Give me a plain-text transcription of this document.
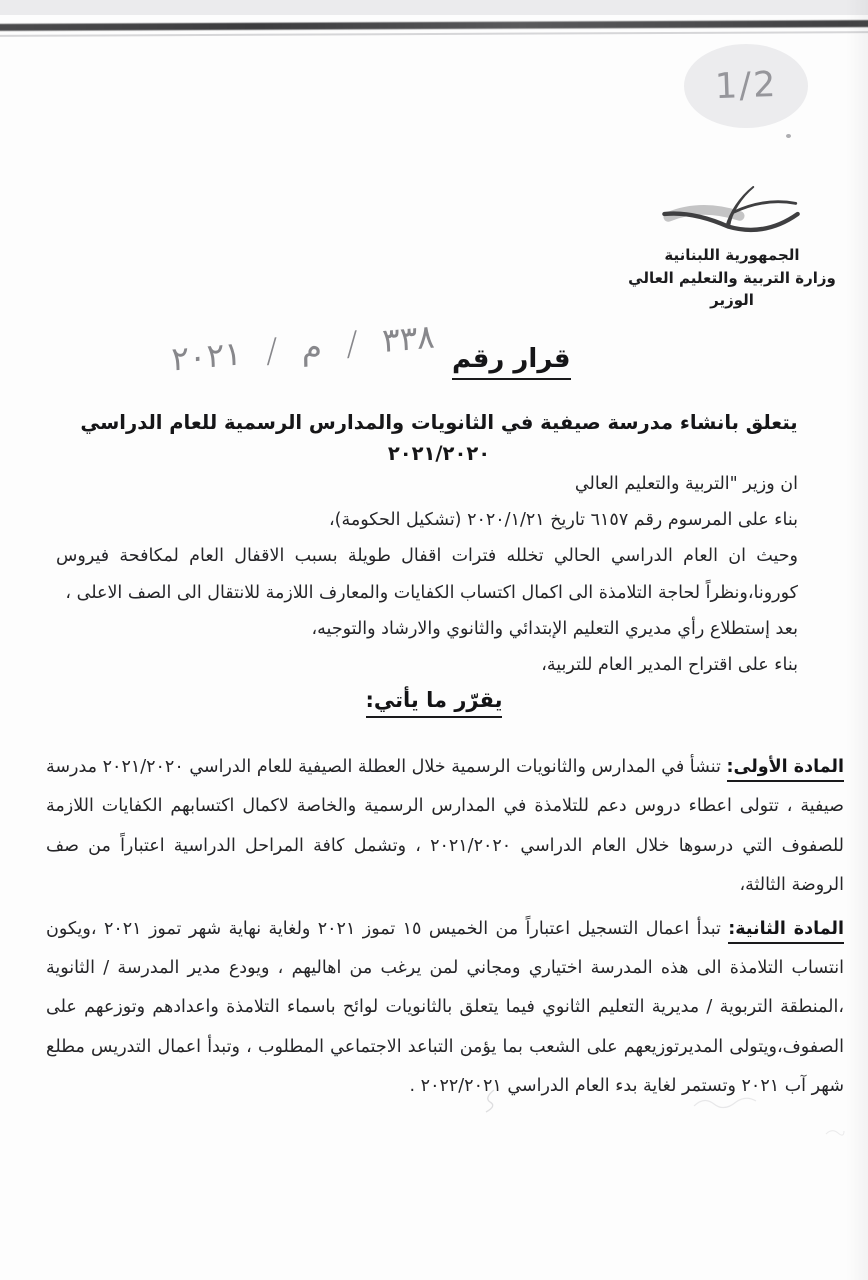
1/2
الجمهورية اللبنانية
وزارة التربية والتعليم العالي
الوزير
قرار رقم
٣٣٨ / م / ٢٠٢١
يتعلق بانشاء مدرسة صيفية في الثانويات والمدارس الرسمية للعام الدراسي ٢٠٢١/٢٠٢٠

ان وزير "التربية والتعليم العالي

بناء على المرسوم رقم ٦١٥٧ تاريخ ٢٠٢٠/١/٢١ (تشكيل الحكومة)،

وحيث ان العام الدراسي الحالي تخلله فترات اقفال طويلة بسبب الاقفال العام لمكافحة فيروس كورونا،ونظراً لحاجة التلامذة الى اكمال اكتساب الكفايات والمعارف اللازمة للانتقال الى الصف الاعلى ،

بعد إستطلاع رأي مديري التعليم الإبتدائي والثانوي والارشاد والتوجيه،

بناء على اقتراح المدير العام للتربية،

يقرّر ما يأتي:

المادة الأولى: تنشأ في المدارس والثانويات الرسمية خلال العطلة الصيفية للعام الدراسي ٢٠٢١/٢٠٢٠ مدرسة صيفية ، تتولى اعطاء دروس دعم للتلامذة في المدارس الرسمية والخاصة لاكمال اكتسابهم الكفايات اللازمة للصفوف التي درسوها خلال العام الدراسي ٢٠٢١/٢٠٢٠ ، وتشمل كافة المراحل الدراسية اعتباراً من صف الروضة الثالثة،

المادة الثانية: تبدأ اعمال التسجيل اعتباراً من الخميس ١٥ تموز ٢٠٢١ ولغاية نهاية شهر تموز ٢٠٢١ ،ويكون انتساب التلامذة الى هذه المدرسة اختياري ومجاني لمن يرغب من اهاليهم ، ويودع مدير المدرسة / الثانوية ،المنطقة التربوية / مديرية التعليم الثانوي فيما يتعلق بالثانويات لوائح باسماء التلامذة واعدادهم وتوزعهم على الصفوف،ويتولى المديرتوزيعهم على الشعب بما يؤمن التباعد الاجتماعي المطلوب ، وتبدأ اعمال التدريس مطلع شهر آب ٢٠٢١ وتستمر لغاية بدء العام الدراسي ٢٠٢٢/٢٠٢١ .
